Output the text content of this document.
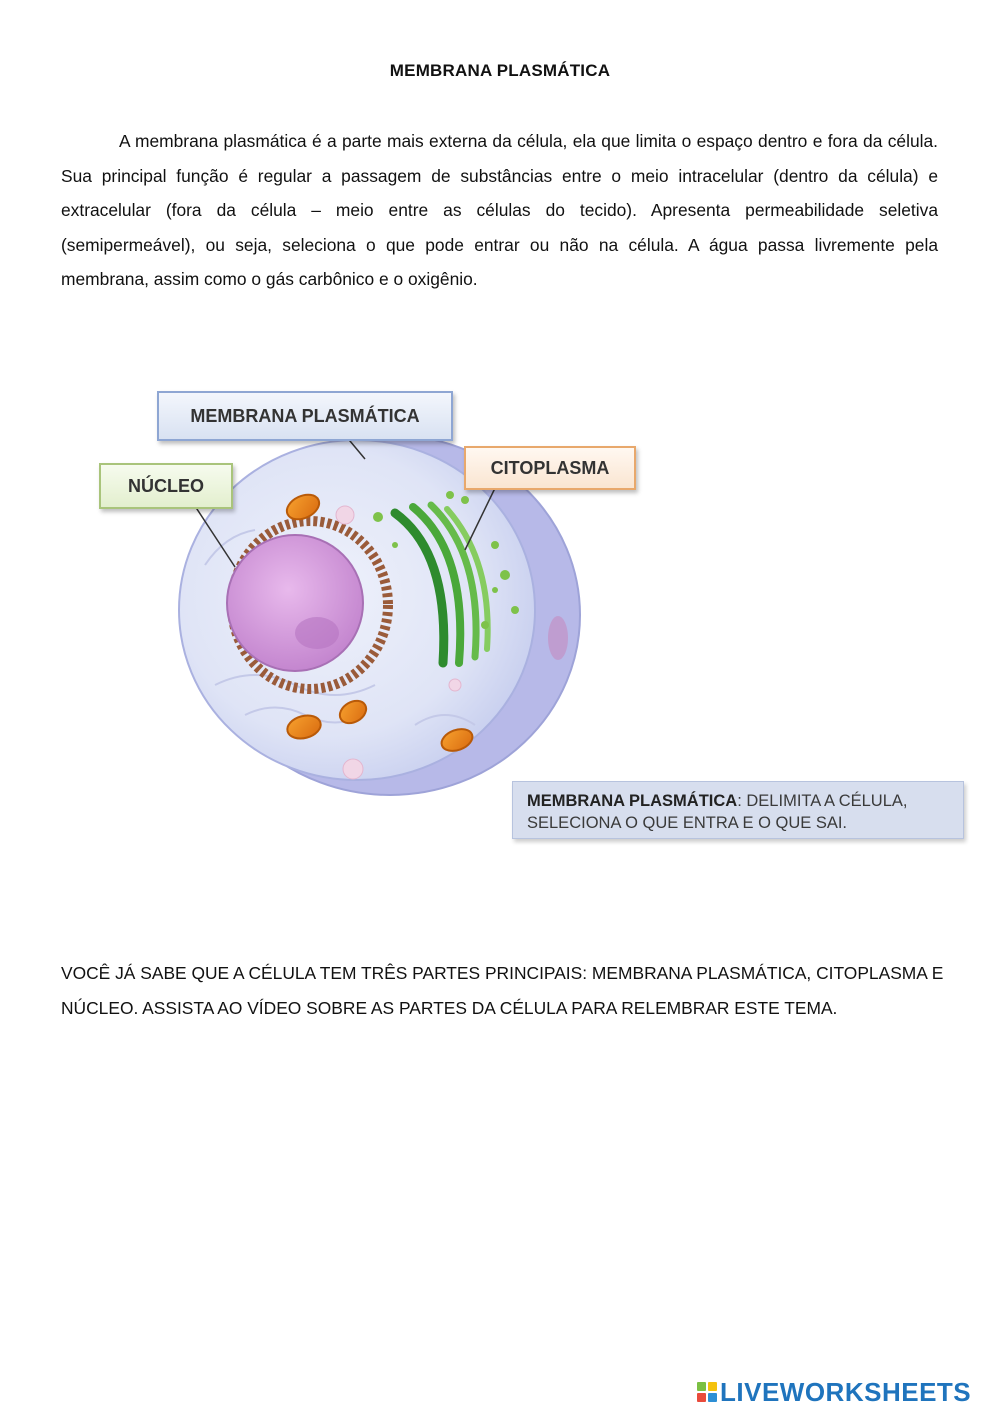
MEMBRANA PLASMÁTICA

A membrana plasmática é a parte mais externa da célula, ela que limita o espaço dentro e fora da célula. Sua principal função é regular a passagem de substâncias entre o meio intracelular (dentro da célula) e extracelular (fora da célula – meio entre as células do tecido). Apresenta permeabilidade seletiva (semipermeável), ou seja, seleciona o que pode entrar ou não na célula. A água passa livremente pela membrana, assim como o gás carbônico e o oxigênio.

MEMBRANA PLASMÁTICA
NÚCLEO
CITOPLASMA
MEMBRANA PLASMÁTICA: DELIMITA A CÉLULA, SELECIONA O QUE ENTRA E O QUE SAI.

VOCÊ JÁ SABE QUE A CÉLULA TEM TRÊS PARTES PRINCIPAIS: MEMBRANA PLASMÁTICA, CITOPLASMA E NÚCLEO. ASSISTA AO VÍDEO SOBRE AS PARTES DA CÉLULA PARA RELEMBRAR ESTE TEMA.

LIVEWORKSHEETS
